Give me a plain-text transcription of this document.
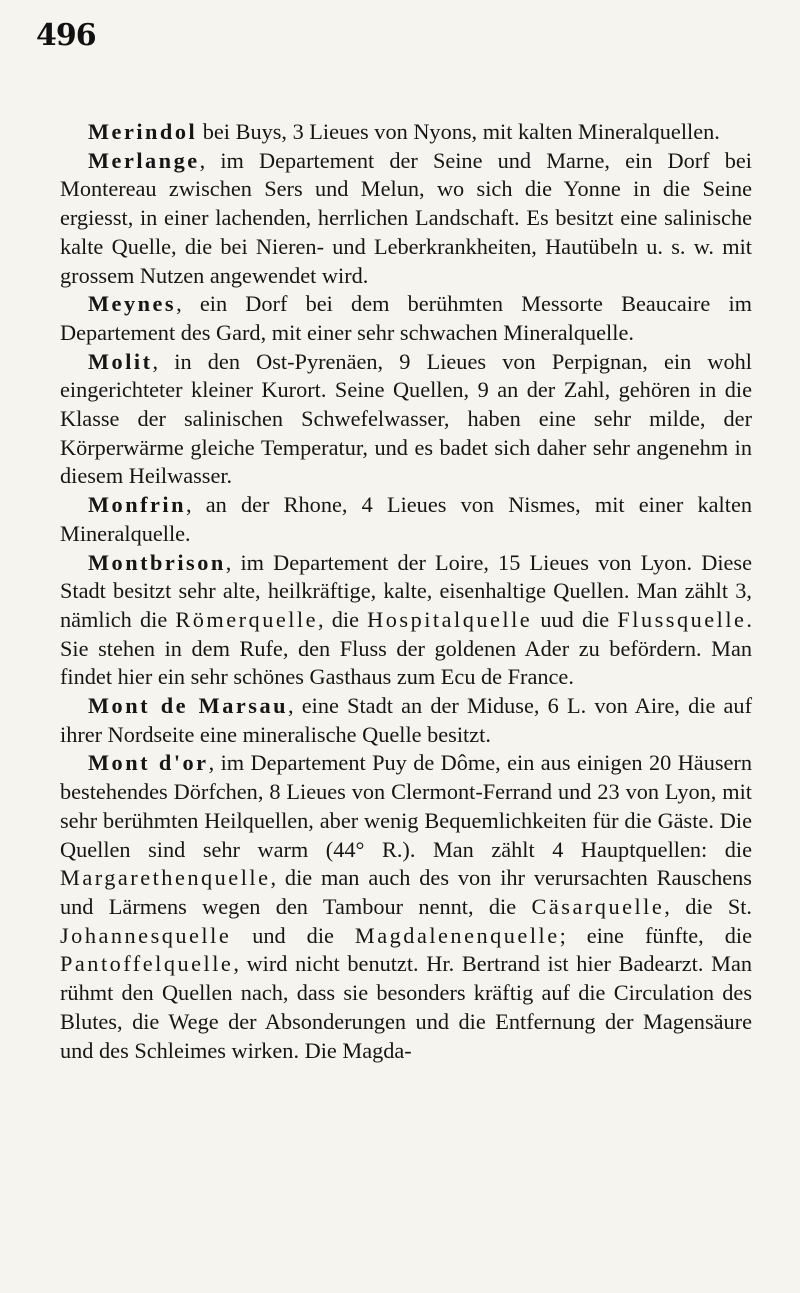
496

Merindol bei Buys, 3 Lieues von Nyons, mit kalten Mineralquellen.

Merlange, im Departement der Seine und Marne, ein Dorf bei Montereau zwischen Sers und Melun, wo sich die Yonne in die Seine ergiesst, in einer lachenden, herrlichen Landschaft. Es besitzt eine salinische kalte Quelle, die bei Nieren- und Leberkrankheiten, Hautübeln u. s. w. mit grossem Nutzen angewendet wird.

Meynes, ein Dorf bei dem berühmten Messorte Beaucaire im Departement des Gard, mit einer sehr schwachen Mineralquelle.

Molit, in den Ost-Pyrenäen, 9 Lieues von Perpignan, ein wohl eingerichteter kleiner Kurort. Seine Quellen, 9 an der Zahl, gehören in die Klasse der salinischen Schwefelwasser, haben eine sehr milde, der Körperwärme gleiche Temperatur, und es badet sich daher sehr angenehm in diesem Heilwasser.

Monfrin, an der Rhone, 4 Lieues von Nismes, mit einer kalten Mineralquelle.

Montbrison, im Departement der Loire, 15 Lieues von Lyon. Diese Stadt besitzt sehr alte, heilkräftige, kalte, eisenhaltige Quellen. Man zählt 3, nämlich die Römerquelle, die Hospitalquelle uud die Flussquelle. Sie stehen in dem Rufe, den Fluss der goldenen Ader zu befördern. Man findet hier ein sehr schönes Gasthaus zum Ecu de France.

Mont de Marsau, eine Stadt an der Miduse, 6 L. von Aire, die auf ihrer Nordseite eine mineralische Quelle besitzt.

Mont d'or, im Departement Puy de Dôme, ein aus einigen 20 Häusern bestehendes Dörfchen, 8 Lieues von Clermont-Ferrand und 23 von Lyon, mit sehr berühmten Heilquellen, aber wenig Bequemlichkeiten für die Gäste. Die Quellen sind sehr warm (44° R.). Man zählt 4 Hauptquellen: die Margarethenquelle, die man auch des von ihr verursachten Rauschens und Lärmens wegen den Tambour nennt, die Cäsarquelle, die St. Johannesquelle und die Magdalenenquelle; eine fünfte, die Pantoffelquelle, wird nicht benutzt. Hr. Bertrand ist hier Badearzt. Man rühmt den Quellen nach, dass sie besonders kräftig auf die Circulation des Blutes, die Wege der Absonderungen und die Entfernung der Magensäure und des Schleimes wirken. Die Magda-
